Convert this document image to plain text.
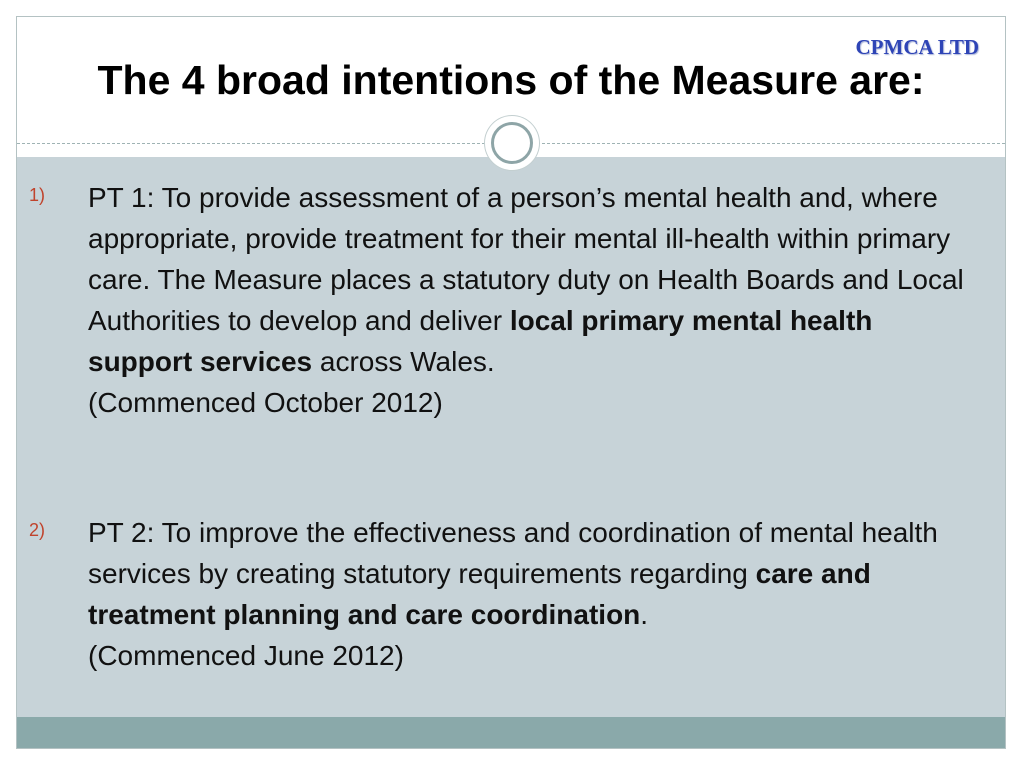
CPMCA LTD
The 4 broad intentions of the Measure are:
1) PT 1: To provide assessment of a person’s mental health and, where appropriate, provide treatment for their mental ill-health within primary care. The Measure places a statutory duty on Health Boards and Local Authorities to develop and deliver local primary mental health support services across Wales.
(Commenced October 2012)
2) PT 2: To improve the effectiveness and coordination of mental health services by creating statutory requirements regarding care and treatment planning and care coordination.
(Commenced June 2012)
